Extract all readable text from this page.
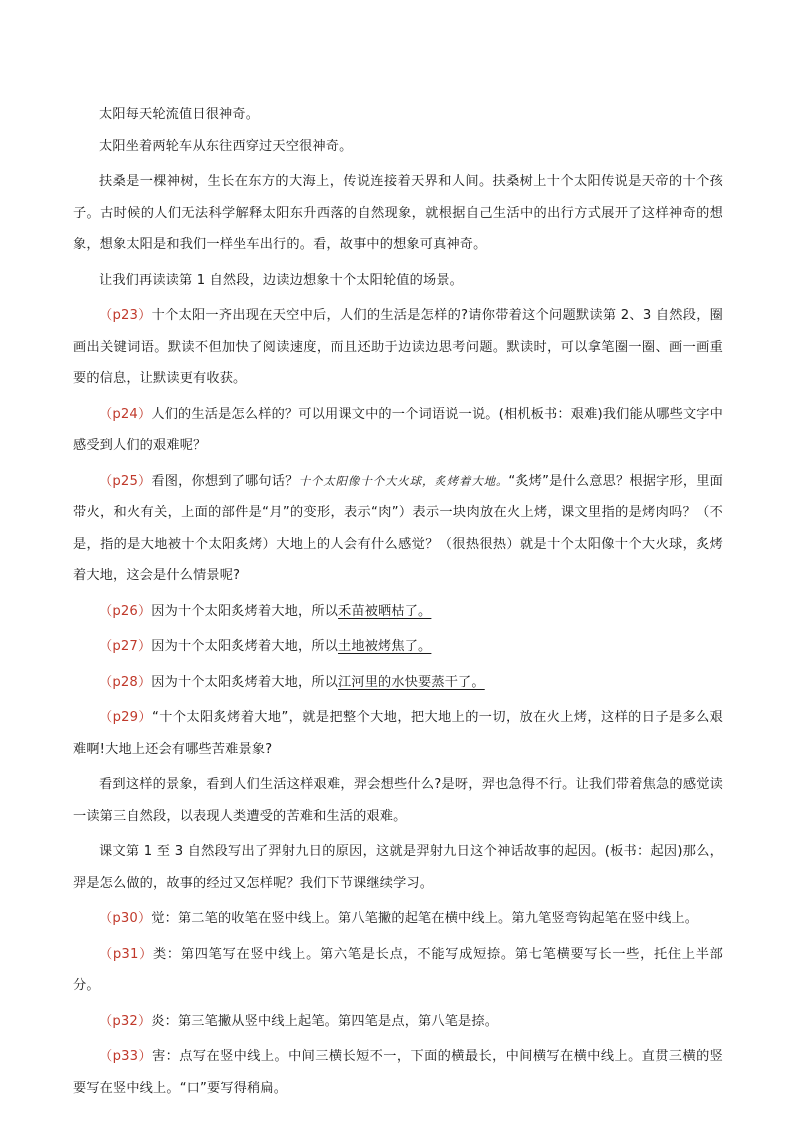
太阳每天轮流值日很神奇。

太阳坐着两轮车从东往西穿过天空很神奇。

扶桑是一棵神树，生长在东方的大海上，传说连接着天界和人间。扶桑树上十个太阳传说是天帝的十个孩子。古时候的人们无法科学解释太阳东升西落的自然现象，就根据自己生活中的出行方式展开了这样神奇的想象，想象太阳是和我们一样坐车出行的。看，故事中的想象可真神奇。

让我们再读读第 1 自然段，边读边想象十个太阳轮值的场景。

（p23）十个太阳一齐出现在天空中后，人们的生活是怎样的?请你带着这个问题默读第 2、3 自然段，圈画出关键词语。默读不但加快了阅读速度，而且还助于边读边思考问题。默读时，可以拿笔圈一圈、画一画重要的信息，让默读更有收获。

（p24）人们的生活是怎么样的？可以用课文中的一个词语说一说。(相机板书：艰难)我们能从哪些文字中感受到人们的艰难呢？

（p25）看图，你想到了哪句话？十个太阳像十个大火球，炙烤着大地。“炙烤”是什么意思？根据字形，里面带火，和火有关，上面的部件是“月”的变形，表示“肉”）表示一块肉放在火上烤，课文里指的是烤肉吗？（不是，指的是大地被十个太阳炙烤）大地上的人会有什么感觉？（很热很热）就是十个太阳像十个大火球，炙烤着大地，这会是什么情景呢?

（p26）因为十个太阳炙烤着大地，所以禾苗被晒枯了。

（p27）因为十个太阳炙烤着大地，所以土地被烤焦了。

（p28）因为十个太阳炙烤着大地，所以江河里的水快要蒸干了。

（p29）“十个太阳炙烤着大地”，就是把整个大地，把大地上的一切，放在火上烤，这样的日子是多么艰难啊!大地上还会有哪些苦难景象?

看到这样的景象，看到人们生活这样艰难，羿会想些什么?是呀，羿也急得不行。让我们带着焦急的感觉读一读第三自然段，以表现人类遭受的苦难和生活的艰难。

课文第 1 至 3 自然段写出了羿射九日的原因，这就是羿射九日这个神话故事的起因。(板书：起因)那么，羿是怎么做的，故事的经过又怎样呢？我们下节课继续学习。

（p30）觉：第二笔的收笔在竖中线上。第八笔撇的起笔在横中线上。第九笔竖弯钩起笔在竖中线上。

（p31）类：第四笔写在竖中线上。第六笔是长点，不能写成短捺。第七笔横要写长一些，托住上半部分。

（p32）炎：第三笔撇从竖中线上起笔。第四笔是点，第八笔是捺。

（p33）害：点写在竖中线上。中间三横长短不一，下面的横最长，中间横写在横中线上。直贯三横的竖要写在竖中线上。“口”要写得稍扁。
